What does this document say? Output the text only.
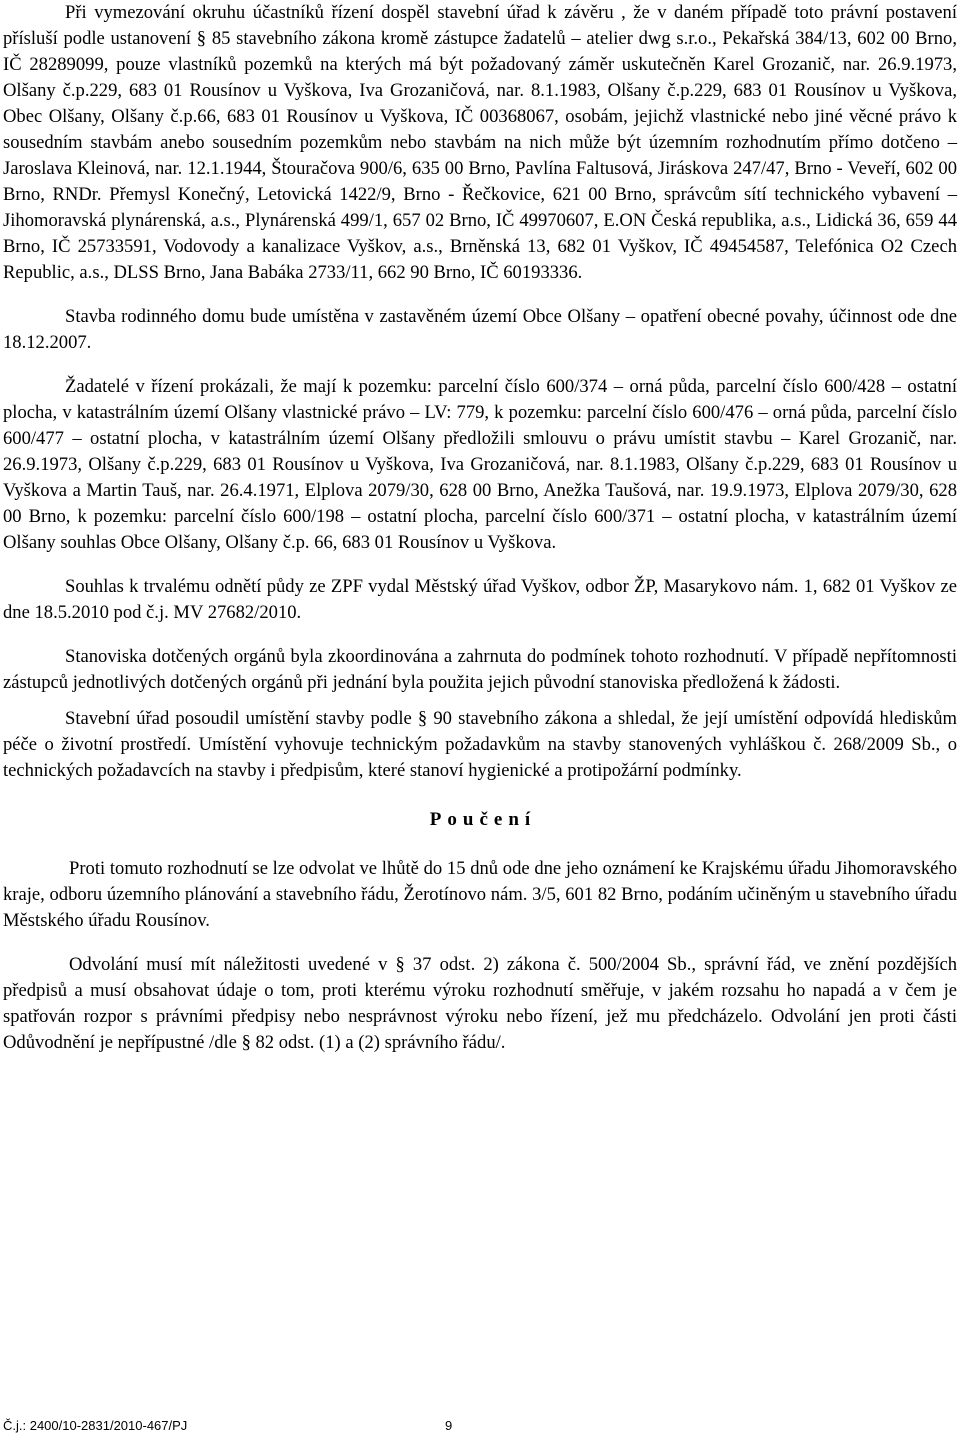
Při vymezování okruhu účastníků řízení dospěl stavební úřad k závěru , že v daném případě toto právní postavení přísluší podle ustanovení § 85 stavebního zákona kromě zástupce žadatelů – atelier dwg s.r.o., Pekařská 384/13, 602 00 Brno, IČ 28289099, pouze vlastníků pozemků na kterých má být požadovaný záměr uskutečněn Karel Grozanič, nar. 26.9.1973, Olšany č.p.229, 683 01 Rousínov u Vyškova, Iva Grozaničová, nar. 8.1.1983, Olšany č.p.229, 683 01 Rousínov u Vyškova, Obec Olšany, Olšany č.p.66, 683 01 Rousínov u Vyškova, IČ 00368067, osobám, jejichž vlastnické nebo jiné věcné právo k sousedním stavbám anebo sousedním pozemkům nebo stavbám na nich může být územním rozhodnutím přímo dotčeno – Jaroslava Kleinová, nar. 12.1.1944, Štouračova 900/6, 635 00 Brno, Pavlína Faltusová, Jiráskova 247/47, Brno - Veveří, 602 00 Brno, RNDr. Přemysl Konečný, Letovická 1422/9, Brno - Řečkovice, 621 00 Brno, správcům sítí technického vybavení – Jihomoravská plynárenská, a.s., Plynárenská 499/1, 657 02 Brno, IČ 49970607, E.ON Česká republika, a.s., Lidická 36, 659 44 Brno, IČ 25733591, Vodovody a kanalizace Vyškov, a.s., Brněnská 13, 682 01 Vyškov, IČ 49454587, Telefónica O2 Czech Republic, a.s., DLSS Brno, Jana Babáka 2733/11, 662 90 Brno, IČ 60193336.

Stavba rodinného domu bude umístěna v zastavěném území Obce Olšany – opatření obecné povahy, účinnost ode dne 18.12.2007.

Žadatelé v řízení prokázali, že mají k pozemku: parcelní číslo 600/374 – orná půda, parcelní číslo 600/428 – ostatní plocha, v katastrálním území Olšany vlastnické právo – LV: 779, k pozemku: parcelní číslo 600/476 – orná půda, parcelní číslo 600/477 – ostatní plocha, v katastrálním území Olšany předložili smlouvu o právu umístit stavbu – Karel Grozanič, nar. 26.9.1973, Olšany č.p.229, 683 01 Rousínov u Vyškova, Iva Grozaničová, nar. 8.1.1983, Olšany č.p.229, 683 01 Rousínov u Vyškova a Martin Tauš, nar. 26.4.1971, Elplova 2079/30, 628 00 Brno, Anežka Taušová, nar. 19.9.1973, Elplova 2079/30, 628 00 Brno, k pozemku: parcelní číslo 600/198 – ostatní plocha, parcelní číslo 600/371 – ostatní plocha, v katastrálním území Olšany souhlas Obce Olšany, Olšany č.p. 66, 683 01 Rousínov u Vyškova.

Souhlas k trvalému odnětí půdy ze ZPF vydal Městský úřad Vyškov, odbor ŽP, Masarykovo nám. 1, 682 01 Vyškov ze dne 18.5.2010 pod č.j. MV 27682/2010.

Stanoviska dotčených orgánů byla zkoordinována a zahrnuta do podmínek tohoto rozhodnutí. V případě nepřítomnosti zástupců jednotlivých dotčených orgánů při jednání byla použita jejich původní stanoviska předložená k žádosti.

Stavební úřad posoudil umístění stavby podle § 90 stavebního zákona a shledal, že její umístění odpovídá hlediskům péče o životní prostředí. Umístění vyhovuje technickým požadavkům na stavby stanovených vyhláškou č. 268/2009 Sb., o technických požadavcích na stavby i předpisům, které stanoví hygienické a protipožární podmínky.

Poučení

Proti tomuto rozhodnutí se lze odvolat ve lhůtě do 15 dnů ode dne jeho oznámení ke Krajskému úřadu Jihomoravského kraje, odboru územního plánování a stavebního řádu, Žerotínovo nám. 3/5, 601 82 Brno, podáním učiněným u stavebního úřadu Městského úřadu Rousínov.

Odvolání musí mít náležitosti uvedené v § 37 odst. 2) zákona č. 500/2004 Sb., správní řád, ve znění pozdějších předpisů a musí obsahovat údaje o tom, proti kterému výroku rozhodnutí směřuje, v jakém rozsahu ho napadá a v čem je spatřován rozpor s právními předpisy nebo nesprávnost výroku nebo řízení, jež mu předcházelo. Odvolání jen proti části Odůvodnění je nepřípustné /dle § 82 odst. (1) a (2) správního řádu/.

Č.j.: 2400/10-2831/2010-467/PJ	9
